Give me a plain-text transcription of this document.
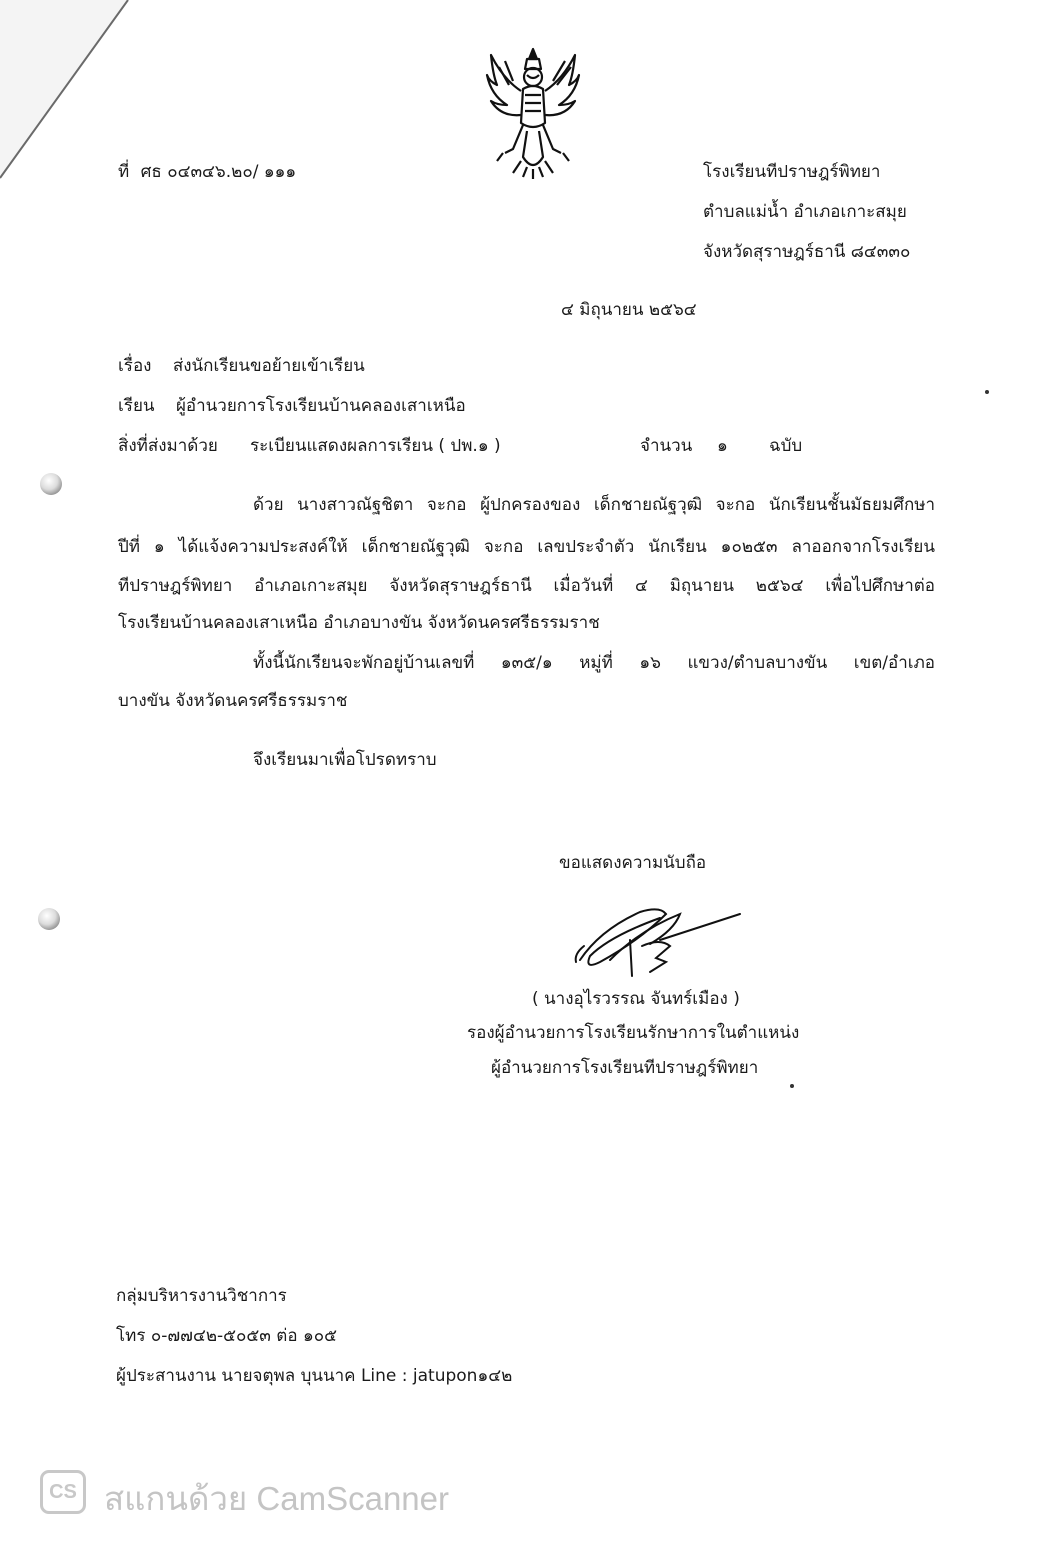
ที่ ศธ ๐๔๓๔๖.๒๐/ ๑๑๑	โรงเรียนทีปราษฎร์พิทยา
ตำบลแม่น้ำ อำเภอเกาะสมุย
จังหวัดสุราษฎร์ธานี ๘๔๓๓๐
๔ มิถุนายน ๒๕๖๔
เรื่อง ส่งนักเรียนขอย้ายเข้าเรียน
เรียน ผู้อำนวยการโรงเรียนบ้านคลองเสาเหนือ
สิ่งที่ส่งมาด้วย ระเบียนแสดงผลการเรียน ( ปพ.๑ )	จำนวน ๑ ฉบับ
ด้วย นางสาวณัฐชิตา จะกอ ผู้ปกครองของ เด็กชายณัฐวุฒิ จะกอ นักเรียนชั้นมัธยมศึกษา
ปีที่ ๑ ได้แจ้งความประสงค์ให้ เด็กชายณัฐวุฒิ จะกอ เลขประจำตัว นักเรียน ๑๐๒๕๓ ลาออกจากโรงเรียน
ทีปราษฎร์พิทยา อำเภอเกาะสมุย จังหวัดสุราษฎร์ธานี เมื่อวันที่ ๔ มิถุนายน ๒๕๖๔ เพื่อไปศึกษาต่อ
โรงเรียนบ้านคลองเสาเหนือ อำเภอบางขัน จังหวัดนครศรีธรรมราช
ทั้งนี้นักเรียนจะพักอยู่บ้านเลขที่ ๑๓๕/๑ หมู่ที่ ๑๖ แขวง/ตำบลบางขัน เขต/อำเภอ
บางขัน จังหวัดนครศรีธรรมราช
จึงเรียนมาเพื่อโปรดทราบ
ขอแสดงความนับถือ
( นางอุไรวรรณ จันทร์เมือง )
รองผู้อำนวยการโรงเรียนรักษาการในตำแหน่ง
ผู้อำนวยการโรงเรียนทีปราษฎร์พิทยา
กลุ่มบริหารงานวิชาการ
โทร ๐-๗๗๔๒-๕๐๕๓ ต่อ ๑๐๕
ผู้ประสานงาน นายจตุพล บุนนาค Line : jatupon๑๔๒
CS สแกนด้วย CamScanner
